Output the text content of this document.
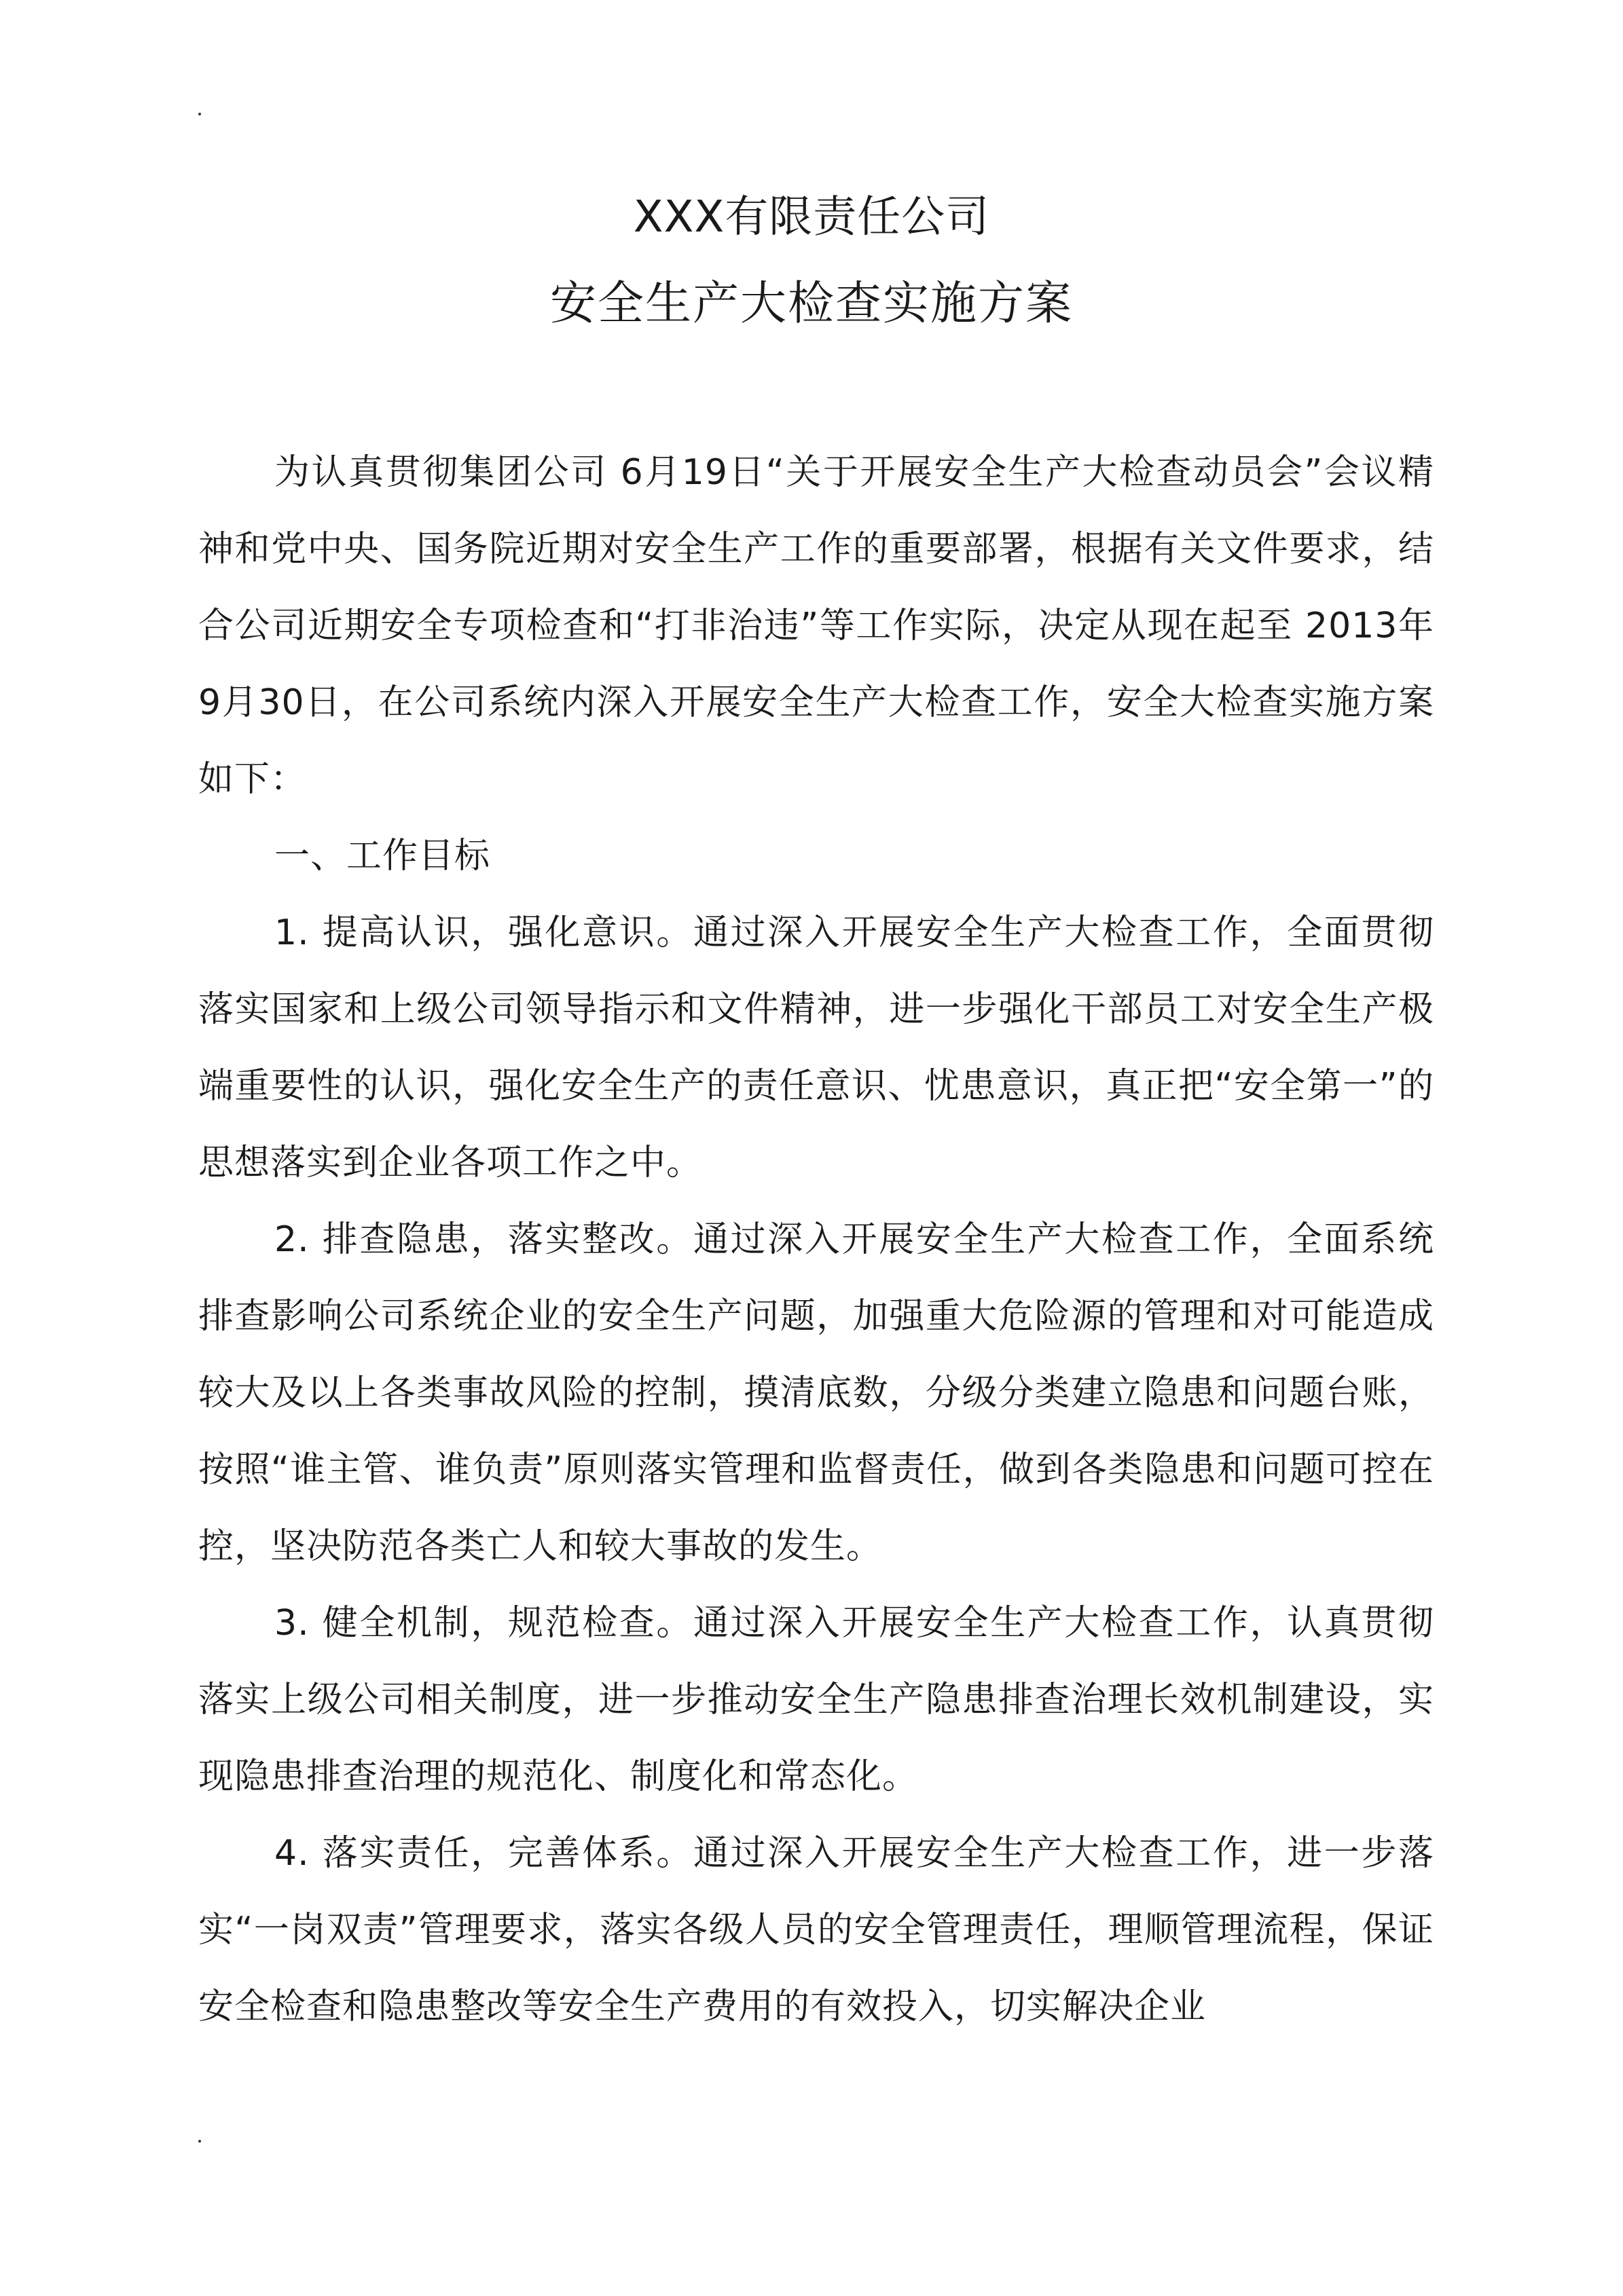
XXX有限责任公司
安全生产大检查实施方案

为认真贯彻集团公司 6月19日“关于开展安全生产大检查动员会”会议精神和党中央、国务院近期对安全生产工作的重要部署，根据有关文件要求，结合公司近期安全专项检查和“打非治违”等工作实际，决定从现在起至 2013年9月30日，在公司系统内深入开展安全生产大检查工作，安全大检查实施方案如下：

一、工作目标

1. 提高认识，强化意识。通过深入开展安全生产大检查工作，全面贯彻落实国家和上级公司领导指示和文件精神，进一步强化干部员工对安全生产极端重要性的认识，强化安全生产的责任意识、忧患意识，真正把“安全第一”的思想落实到企业各项工作之中。

2. 排查隐患，落实整改。通过深入开展安全生产大检查工作，全面系统排查影响公司系统企业的安全生产问题，加强重大危险源的管理和对可能造成较大及以上各类事故风险的控制，摸清底数，分级分类建立隐患和问题台账，按照“谁主管、谁负责”原则落实管理和监督责任，做到各类隐患和问题可控在控，坚决防范各类亡人和较大事故的发生。

3. 健全机制，规范检查。通过深入开展安全生产大检查工作，认真贯彻落实上级公司相关制度，进一步推动安全生产隐患排查治理长效机制建设，实现隐患排查治理的规范化、制度化和常态化。

4. 落实责任，完善体系。通过深入开展安全生产大检查工作，进一步落实“一岗双责”管理要求，落实各级人员的安全管理责任，理顺管理流程，保证安全检查和隐患整改等安全生产费用的有效投入，切实解决企业
